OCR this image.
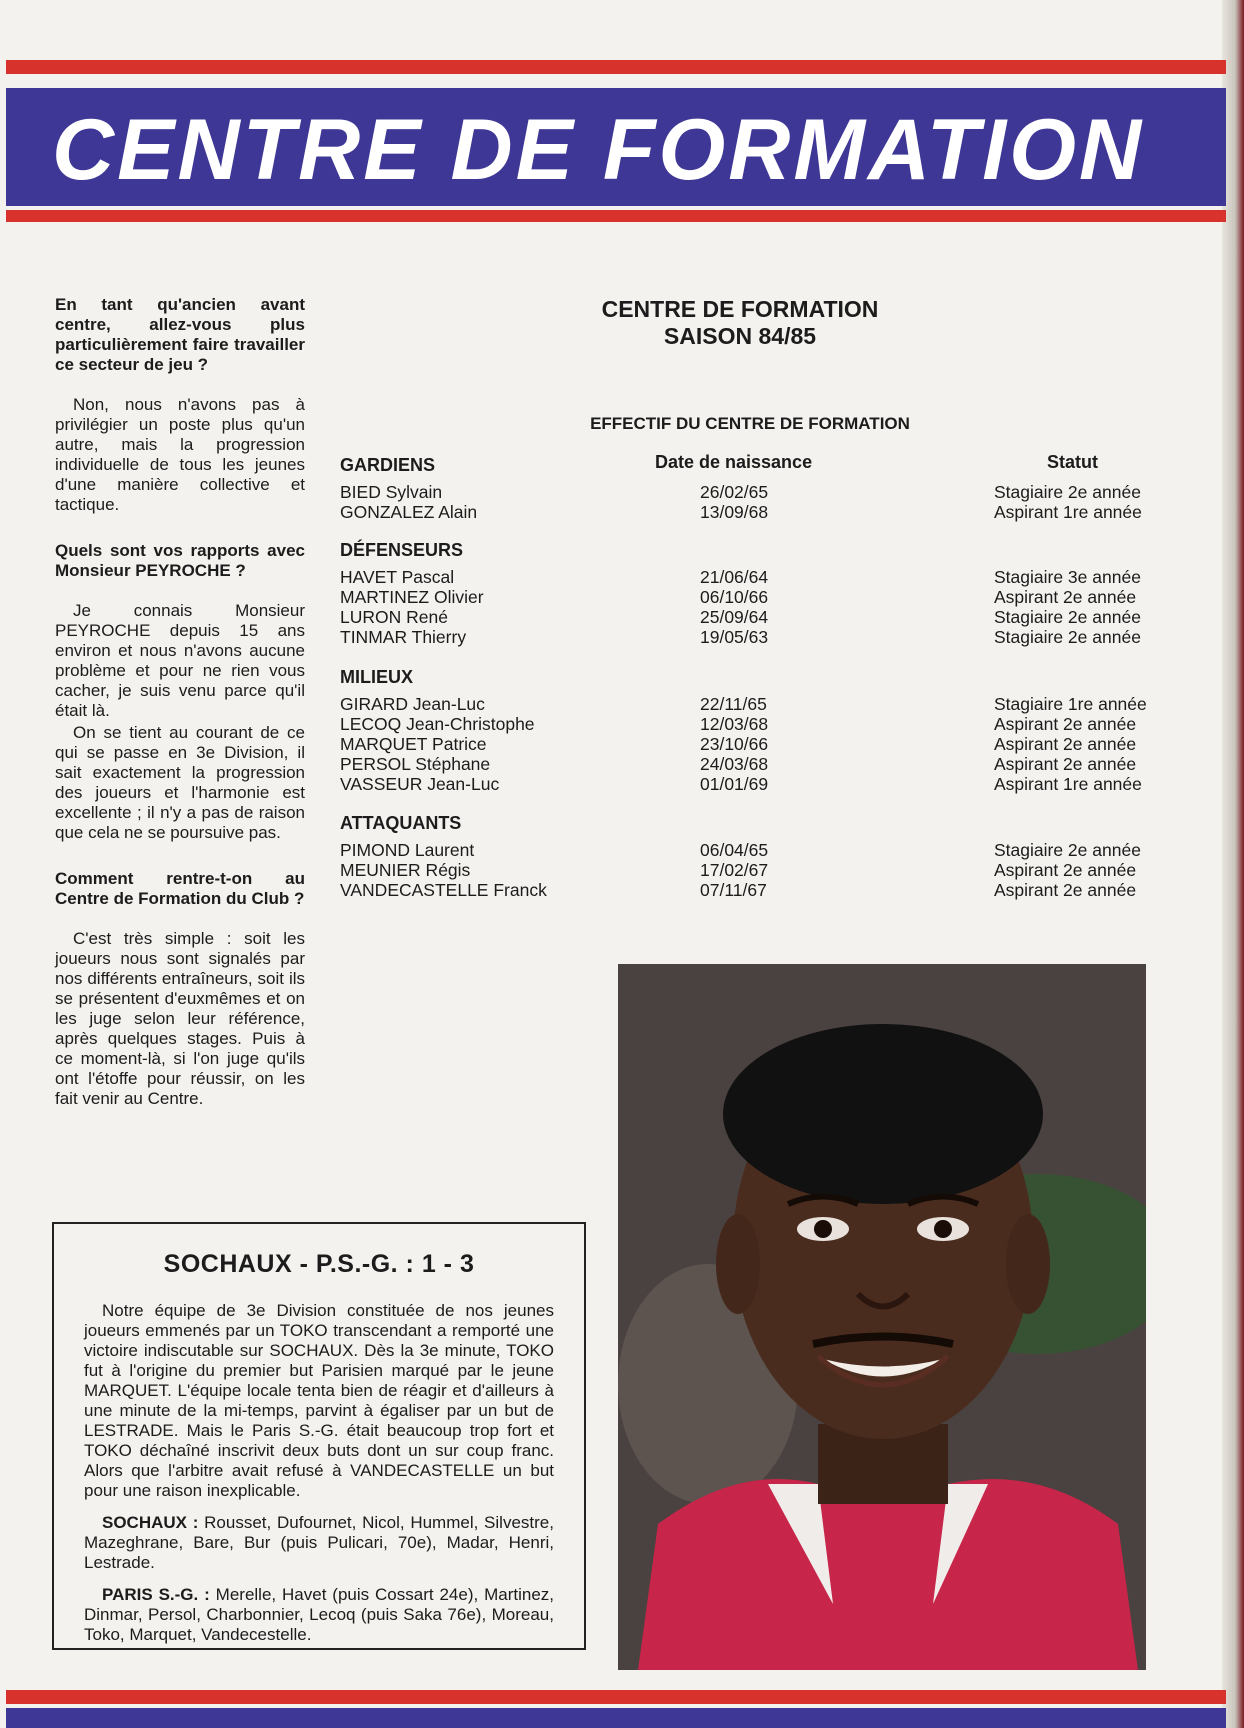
CENTRE DE FORMATION
En tant qu'ancien avant centre, allez-vous plus particulièrement faire travailler ce secteur de jeu ?
Non, nous n'avons pas à privilégier un poste plus qu'un autre, mais la progression individuelle de tous les jeunes d'une manière collective et tactique.
Quels sont vos rapports avec Monsieur PEYROCHE ?
Je connais Monsieur PEYROCHE depuis 15 ans environ et nous n'avons aucune problème et pour ne rien vous cacher, je suis venu parce qu'il était là.
On se tient au courant de ce qui se passe en 3e Division, il sait exactement la progression des joueurs et l'harmonie est excellente ; il n'y a pas de raison que cela ne se poursuive pas.
Comment rentre-t-on au Centre de Formation du Club ?
C'est très simple : soit les joueurs nous sont signalés par nos différents entraîneurs, soit ils se présentent d'euxmêmes et on les juge selon leur référence, après quelques stages. Puis à ce moment-là, si l'on juge qu'ils ont l'étoffe pour réussir, on les fait venir au Centre.
CENTRE DE FORMATION
SAISON 84/85
EFFECTIF DU CENTRE DE FORMATION
Date de naissance	Statut
GARDIENS
BIED Sylvain	26/02/65	Stagiaire 2e année
GONZALEZ Alain	13/09/68	Aspirant 1re année
DÉFENSEURS
HAVET Pascal	21/06/64	Stagiaire 3e année
MARTINEZ Olivier	06/10/66	Aspirant 2e année
LURON René	25/09/64	Stagiaire 2e année
TINMAR Thierry	19/05/63	Stagiaire 2e année
MILIEUX
GIRARD Jean-Luc	22/11/65	Stagiaire 1re année
LECOQ Jean-Christophe	12/03/68	Aspirant 2e année
MARQUET Patrice	23/10/66	Aspirant 2e année
PERSOL Stéphane	24/03/68	Aspirant 2e année
VASSEUR Jean-Luc	01/01/69	Aspirant 1re année
ATTAQUANTS
PIMOND Laurent	06/04/65	Stagiaire 2e année
MEUNIER Régis	17/02/67	Aspirant 2e année
VANDECASTELLE Franck	07/11/67	Aspirant 2e année
SOCHAUX - P.S.-G. : 1 - 3

Notre équipe de 3e Division constituée de nos jeunes joueurs emmenés par un TOKO transcendant a remporté une victoire indiscutable sur SOCHAUX. Dès la 3e minute, TOKO fut à l'origine du premier but Parisien marqué par le jeune MARQUET. L'équipe locale tenta bien de réagir et d'ailleurs à une minute de la mi-temps, parvint à égaliser par un but de LESTRADE. Mais le Paris S.-G. était beaucoup trop fort et TOKO déchaîné inscrivit deux buts dont un sur coup franc. Alors que l'arbitre avait refusé à VANDECASTELLE un but pour une raison inexplicable.

SOCHAUX : Rousset, Dufournet, Nicol, Hummel, Silvestre, Mazeghrane, Bare, Bur (puis Pulicari, 70e), Madar, Henri, Lestrade.

PARIS S.-G. : Merelle, Havet (puis Cossart 24e), Martinez, Dinmar, Persol, Charbonnier, Lecoq (puis Saka 76e), Moreau, Toko, Marquet, Vandecestelle.
